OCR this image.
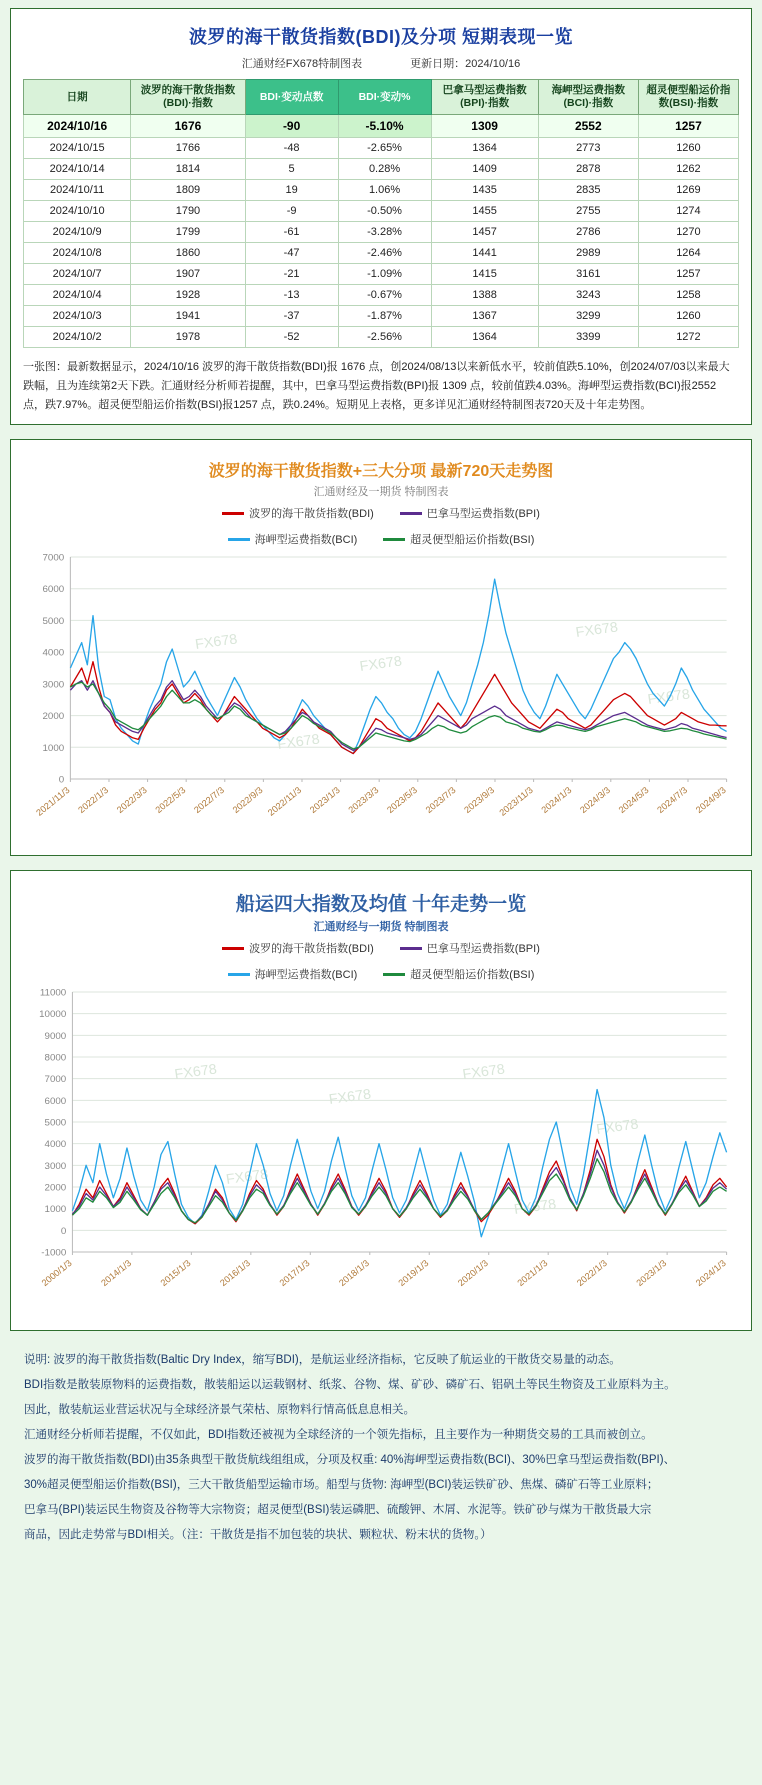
波罗的海干散货指数(BDI)及分项 短期表现一览
汇通财经FX678特制图表	更新日期：2024/10/16
日期	波罗的海干散货指数(BDI)·指数	BDI·变动点数	BDI·变动%	巴拿马型运费指数(BPI)·指数	海岬型运费指数(BCI)·指数	超灵便型船运价指数(BSI)·指数
2024/10/16	1676	-90	-5.10%	1309	2552	1257
2024/10/15	1766	-48	-2.65%	1364	2773	1260
2024/10/14	1814	5	0.28%	1409	2878	1262
2024/10/11	1809	19	1.06%	1435	2835	1269
2024/10/10	1790	-9	-0.50%	1455	2755	1274
2024/10/9	1799	-61	-3.28%	1457	2786	1270
2024/10/8	1860	-47	-2.46%	1441	2989	1264
2024/10/7	1907	-21	-1.09%	1415	3161	1257
2024/10/4	1928	-13	-0.67%	1388	3243	1258
2024/10/3	1941	-37	-1.87%	1367	3299	1260
2024/10/2	1978	-52	-2.56%	1364	3399	1272
一张图：最新数据显示，2024/10/16 波罗的海干散货指数(BDI)报 1676 点，创2024/08/13以来新低水平，较前值跌5.10%，创2024/07/03以来最大跌幅，且为连续第2天下跌。汇通财经分析师若提醒，其中，巴拿马型运费指数(BPI)报 1309 点，较前值跌4.03%。海岬型运费指数(BCI)报2552 点，跌7.97%。超灵便型船运价指数(BSI)报1257 点，跌0.24%。短期见上表格，更多详见汇通财经特制图表720天及十年走势图。
波罗的海干散货指数+三大分项 最新720天走势图
汇通财经及一期货 特制图表
波罗的海干散货指数(BDI)	巴拿马型运费指数(BPI)
海岬型运费指数(BCI)	超灵便型船运价指数(BSI)
0
1000
2000
3000
4000
5000
6000
7000
FX678
FX678
FX678
FX678
FX678
2021/11/3 2022/1/3 2022/3/3 2022/5/3 2022/7/3 2022/9/3 2022/11/3 2023/1/3 2023/3/3 2023/5/3 2023/7/3 2023/9/3 2023/11/3 2024/1/3 2024/3/3 2024/5/3 2024/7/3 2024/9/3
船运四大指数及均值 十年走势一览
汇通财经与一期货 特制图表
波罗的海干散货指数(BDI)	巴拿马型运费指数(BPI)
海岬型运费指数(BCI)	超灵便型船运价指数(BSI)
-1000
0
1000
2000
3000
4000
5000
6000
7000
8000
9000
10000
11000
FX678
FX678
FX678
FX678
FX678
FX678
2000/1/3	2014/1/3	2015/1/3	2016/1/3	2017/1/3	2018/1/3	2019/1/3	2020/1/3	2021/1/3	2022/1/3	2023/1/3	2024/1/3

说明: 波罗的海干散货指数(Baltic Dry Index，缩写BDI)，是航运业经济指标，它反映了航运业的干散货交易量的动态。

BDI指数是散装原物料的运费指数，散装船运以运载钢材、纸浆、谷物、煤、矿砂、磷矿石、铝矾土等民生物资及工业原料为主。

因此，散装航运业营运状况与全球经济景气荣枯、原物料行情高低息息相关。

汇通财经分析师若提醒，不仅如此，BDI指数还被视为全球经济的一个领先指标，且主要作为一种期货交易的工具而被创立。

波罗的海干散货指数(BDI)由35条典型干散货航线组组成，分项及权重: 40%海岬型运费指数(BCI)、30%巴拿马型运费指数(BPI)、

30%超灵便型船运价指数(BSI)，三大干散货船型运输市场。船型与货物: 海岬型(BCI)装运铁矿砂、焦煤、磷矿石等工业原料；

巴拿马(BPI)装运民生物资及谷物等大宗物资；超灵便型(BSI)装运磷肥、硫酸钾、木屑、水泥等。铁矿砂与煤为干散货最大宗

商品，因此走势常与BDI相关。（注：干散货是指不加包装的块状、颗粒状、粉末状的货物。）
